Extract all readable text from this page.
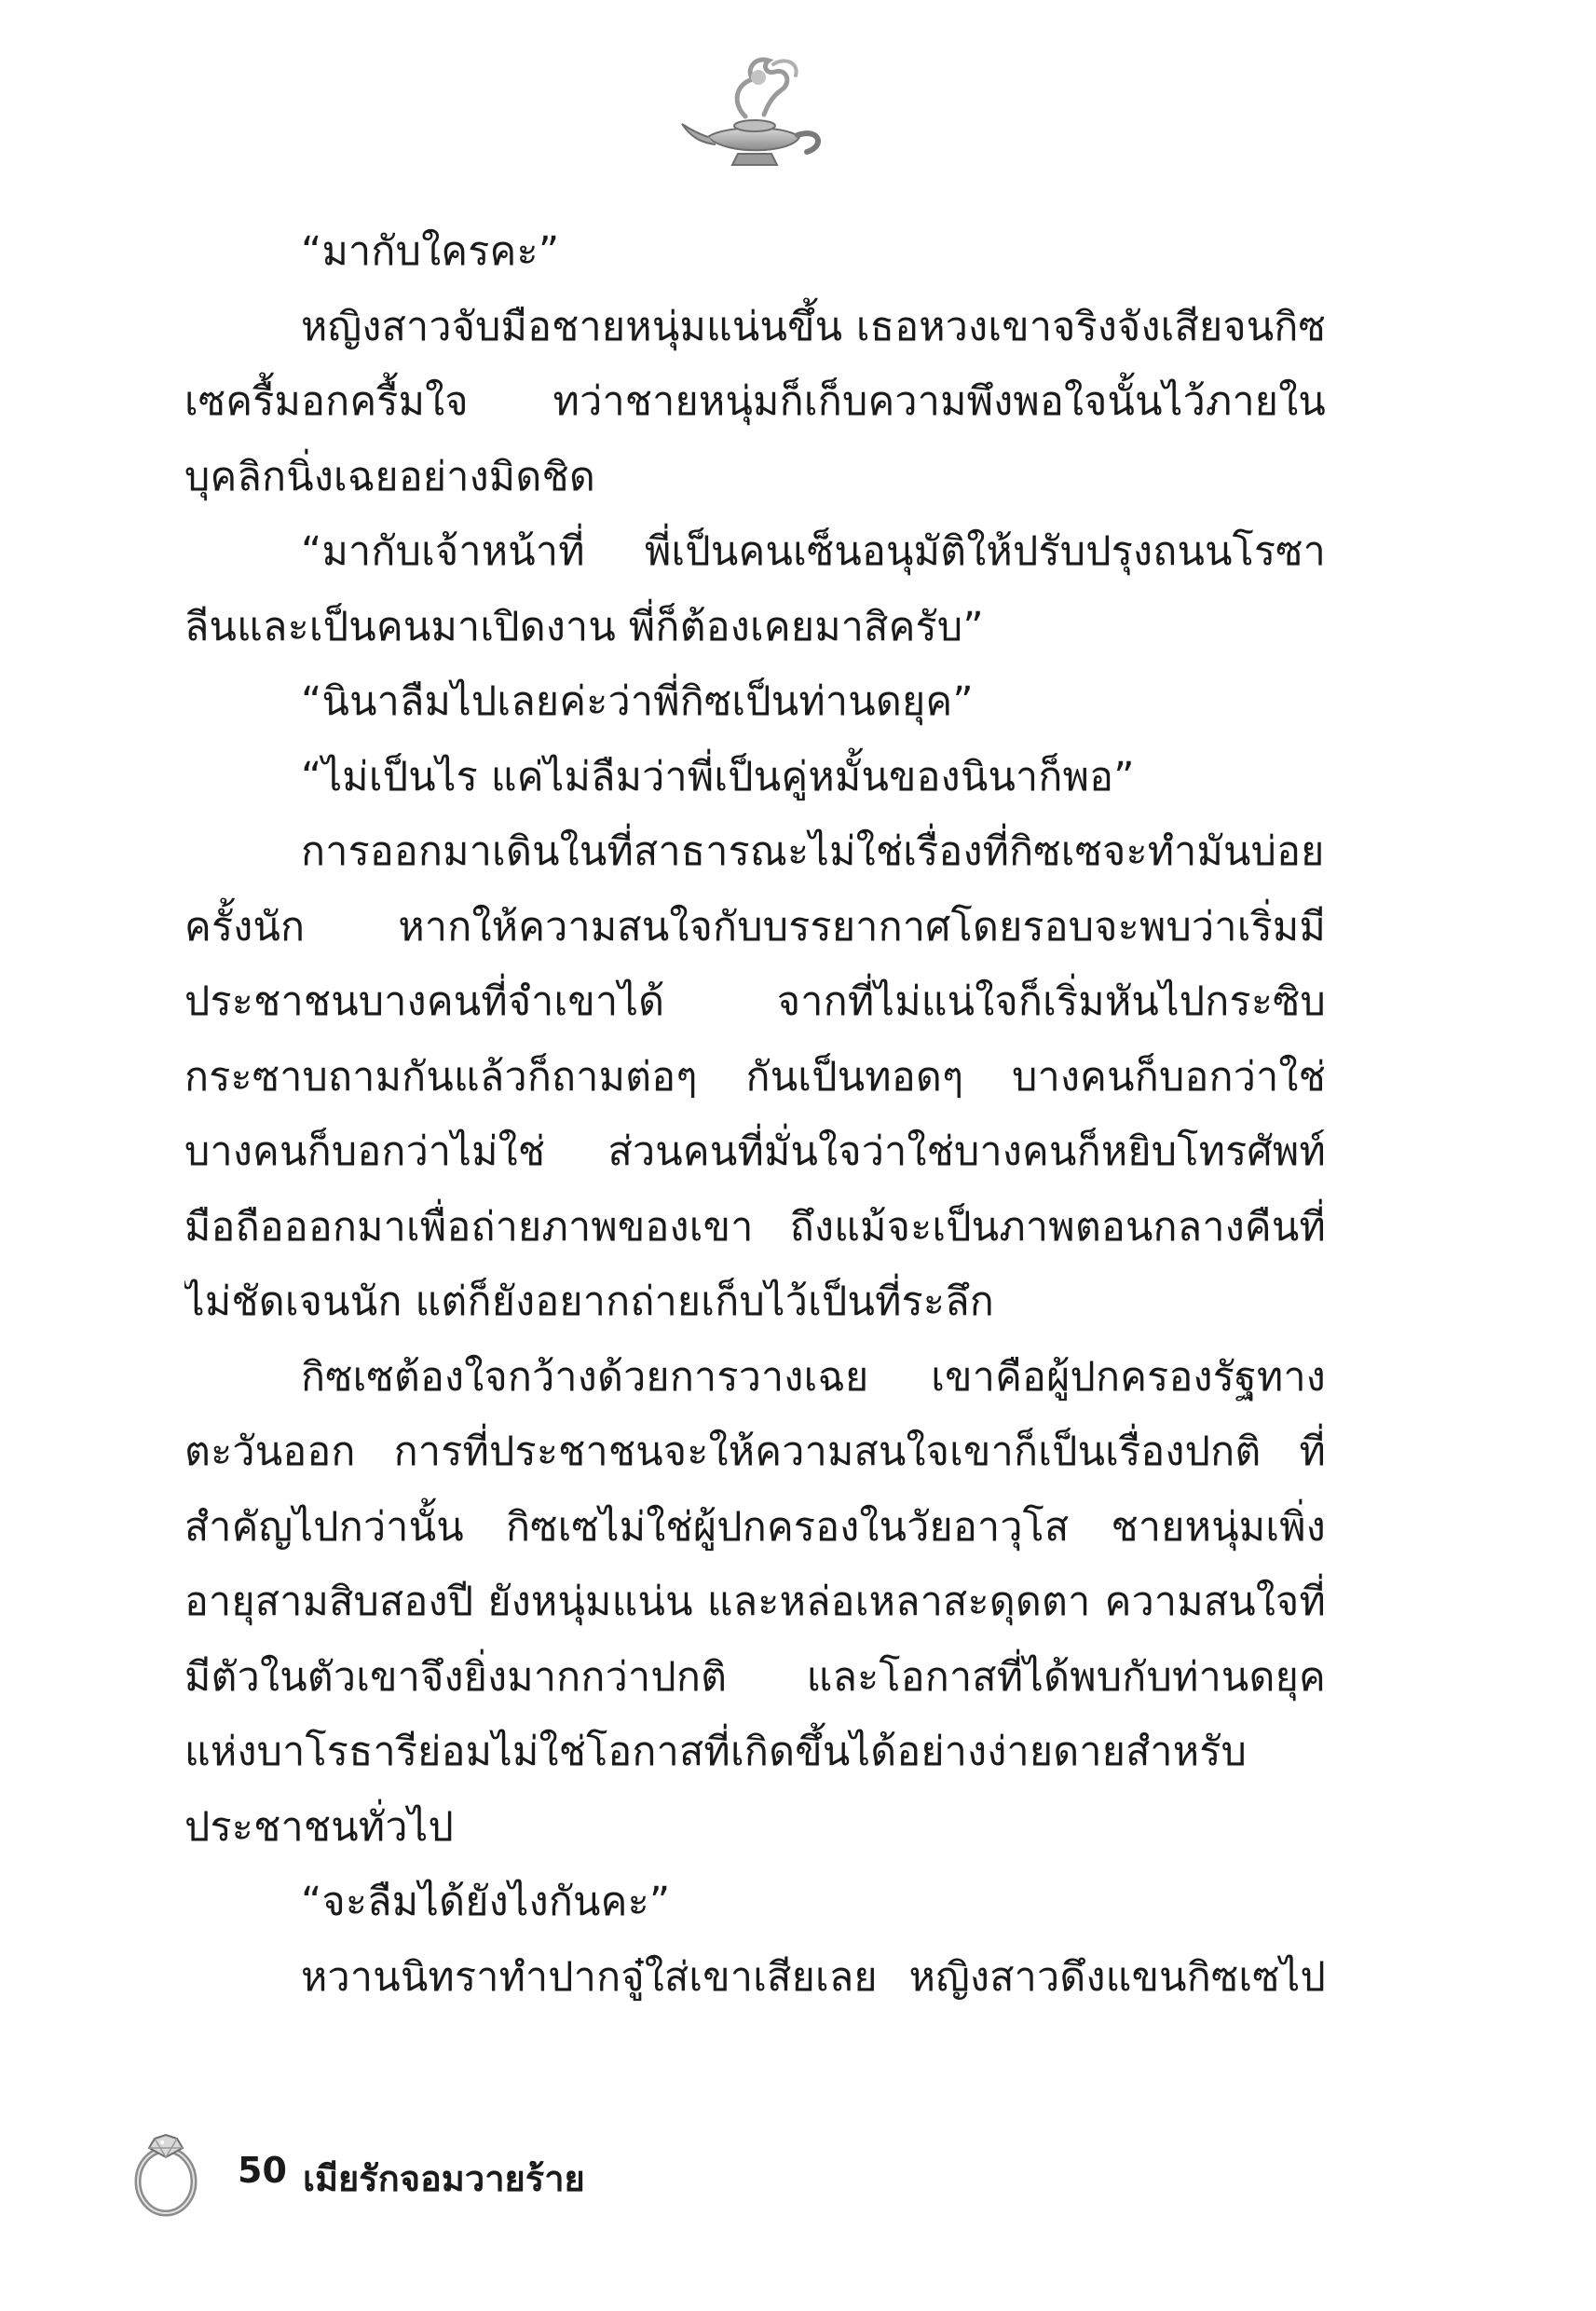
“มากับใครคะ”

หญิงสาวจับมือชายหนุ่มแน่นขึ้น เธอหวงเขาจริงจังเสียจนกิซเซครื้มอกครื้มใจ ทว่าชายหนุ่มก็เก็บความพึงพอใจนั้นไว้ภายในบุคลิกนิ่งเฉยอย่างมิดชิด

“มากับเจ้าหน้าที่ พี่เป็นคนเซ็นอนุมัติให้ปรับปรุงถนนโรซาลีนและเป็นคนมาเปิดงาน พี่ก็ต้องเคยมาสิครับ”

“นินาลืมไปเลยค่ะว่าพี่กิซเป็นท่านดยุค”

“ไม่เป็นไร แค่ไม่ลืมว่าพี่เป็นคู่หมั้นของนินาก็พอ”

การออกมาเดินในที่สาธารณะไม่ใช่เรื่องที่กิซเซจะทำมันบ่อยครั้งนัก หากให้ความสนใจกับบรรยากาศโดยรอบจะพบว่าเริ่มมีประชาชนบางคนที่จำเขาได้ จากที่ไม่แน่ใจก็เริ่มหันไปกระซิบกระซาบถามกันแล้วก็ถามต่อๆ กันเป็นทอดๆ บางคนก็บอกว่าใช่ บางคนก็บอกว่าไม่ใช่ ส่วนคนที่มั่นใจว่าใช่บางคนก็หยิบโทรศัพท์มือถือออกมาเพื่อถ่ายภาพของเขา ถึงแม้จะเป็นภาพตอนกลางคืนที่ไม่ชัดเจนนัก แต่ก็ยังอยากถ่ายเก็บไว้เป็นที่ระลึก

กิซเซต้องใจกว้างด้วยการวางเฉย เขาคือผู้ปกครองรัฐทางตะวันออก การที่ประชาชนจะให้ความสนใจเขาก็เป็นเรื่องปกติ ที่สำคัญไปกว่านั้น กิซเซไม่ใช่ผู้ปกครองในวัยอาวุโส ชายหนุ่มเพิ่งอายุสามสิบสองปี ยังหนุ่มแน่น และหล่อเหลาสะดุดตา ความสนใจที่มีตัวในตัวเขาจึงยิ่งมากกว่าปกติ และโอกาสที่ได้พบกับท่านดยุคแห่งบาโรธารีย่อมไม่ใช่โอกาสที่เกิดขึ้นได้อย่างง่ายดายสำหรับประชาชนทั่วไป

“จะลืมได้ยังไงกันคะ”

หวานนิทราทำปากจู๋ใส่เขาเสียเลย หญิงสาวดึงแขนกิซเซไป

50 เมียรักจอมวายร้าย
